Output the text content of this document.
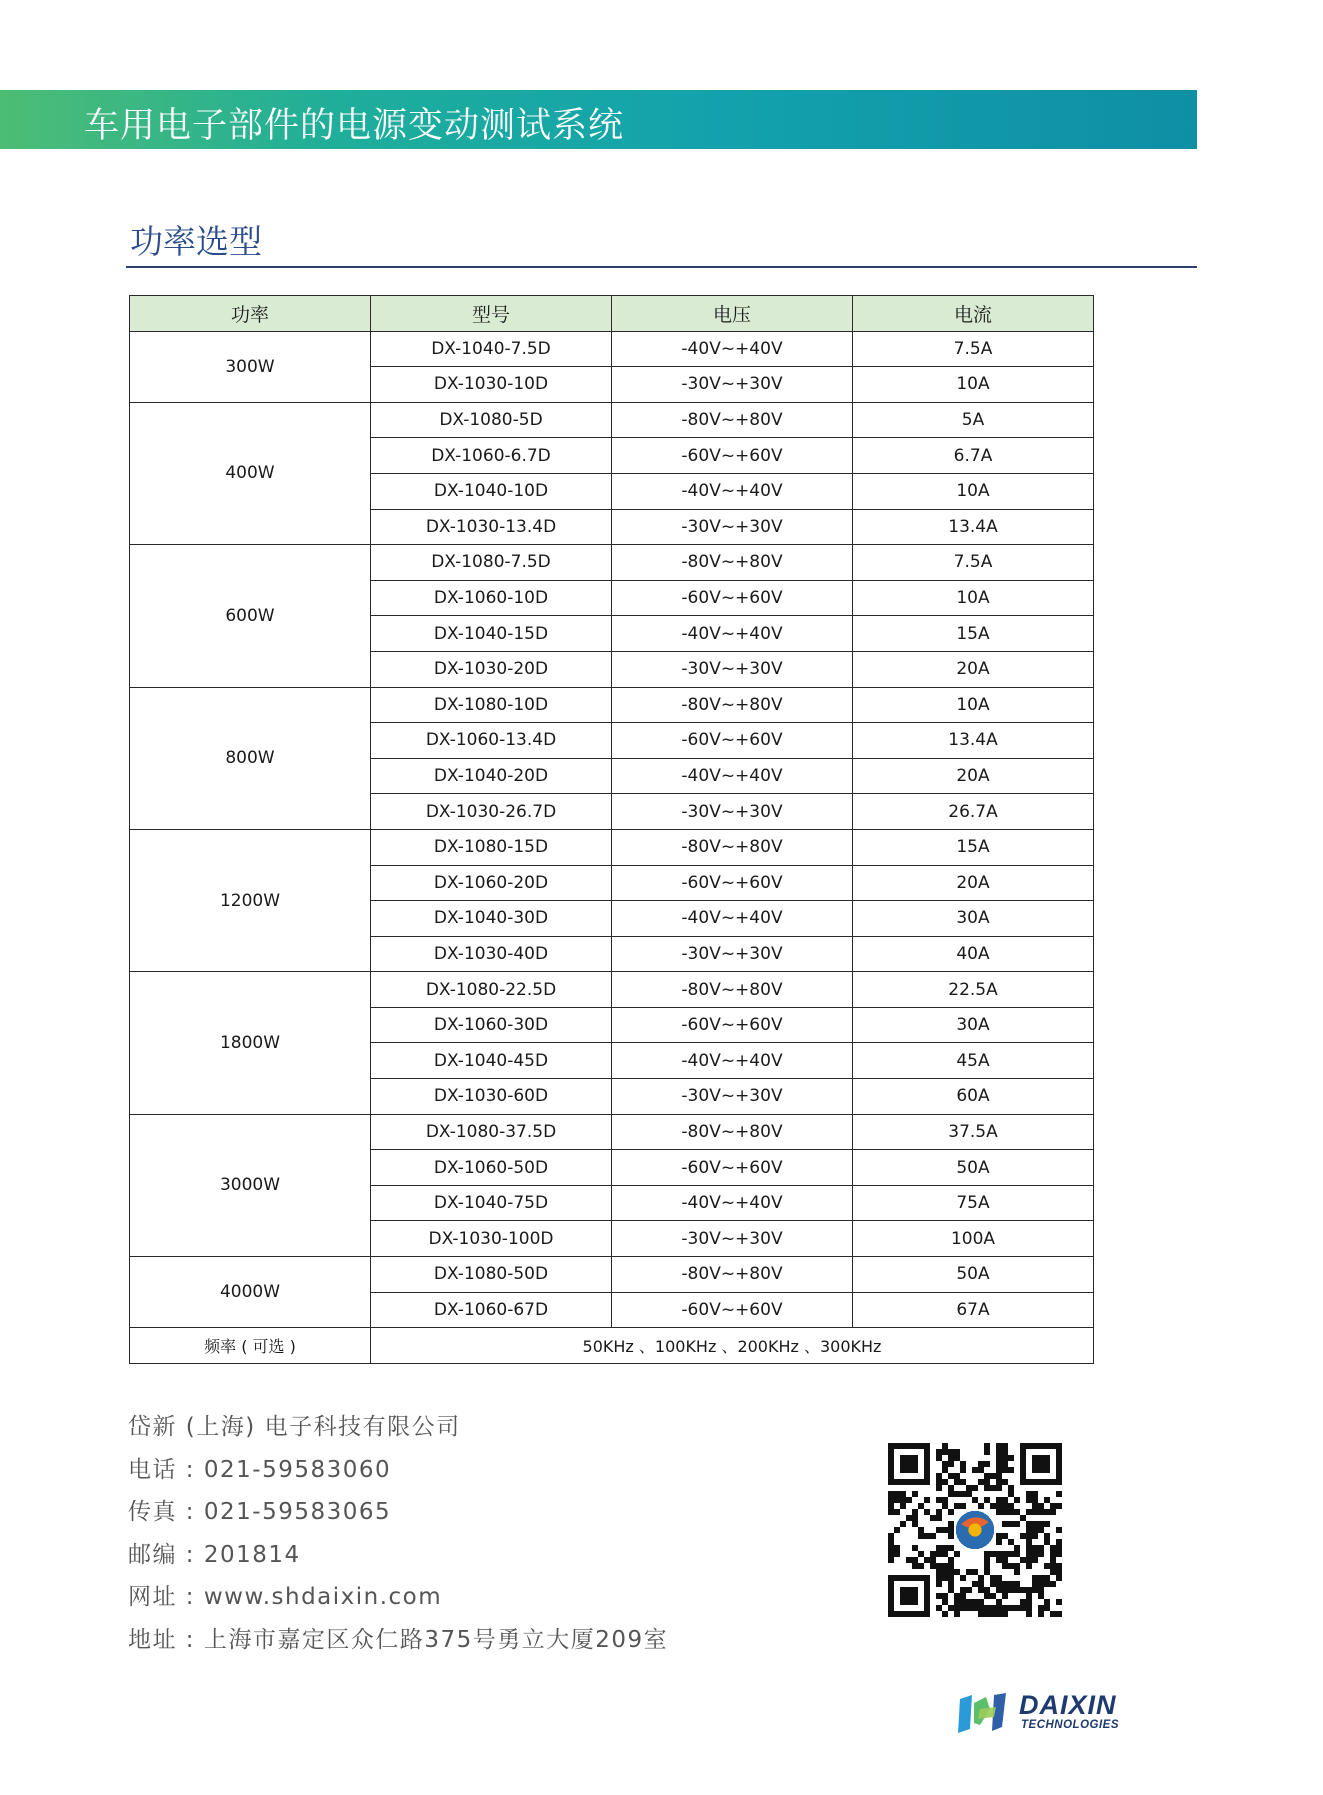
车用电子部件的电源变动测试系统
功率选型
功率	型号	电压	电流
300W	DX-1040-7.5D	-40V~+40V	7.5A
	DX-1030-10D	-30V~+30V	10A
400W	DX-1080-5D	-80V~+80V	5A
	DX-1060-6.7D	-60V~+60V	6.7A
	DX-1040-10D	-40V~+40V	10A
	DX-1030-13.4D	-30V~+30V	13.4A
600W	DX-1080-7.5D	-80V~+80V	7.5A
	DX-1060-10D	-60V~+60V	10A
	DX-1040-15D	-40V~+40V	15A
	DX-1030-20D	-30V~+30V	20A
800W	DX-1080-10D	-80V~+80V	10A
	DX-1060-13.4D	-60V~+60V	13.4A
	DX-1040-20D	-40V~+40V	20A
	DX-1030-26.7D	-30V~+30V	26.7A
1200W	DX-1080-15D	-80V~+80V	15A
	DX-1060-20D	-60V~+60V	20A
	DX-1040-30D	-40V~+40V	30A
	DX-1030-40D	-30V~+30V	40A
1800W	DX-1080-22.5D	-80V~+80V	22.5A
	DX-1060-30D	-60V~+60V	30A
	DX-1040-45D	-40V~+40V	45A
	DX-1030-60D	-30V~+30V	60A
3000W	DX-1080-37.5D	-80V~+80V	37.5A
	DX-1060-50D	-60V~+60V	50A
	DX-1040-75D	-40V~+40V	75A
	DX-1030-100D	-30V~+30V	100A
4000W	DX-1080-50D	-80V~+80V	50A
	DX-1060-67D	-60V~+60V	67A
频率 ( 可选 )	50KHz 、100KHz 、200KHz 、300KHz		
岱新 (上海) 电子科技有限公司
电话 : 021-59583060
传真 : 021-59583065
邮编 : 201814
网址 : www.shdaixin.com
地址 : 上海市嘉定区众仁路375号勇立大厦209室
DAIXIN
TECHNOLOGIES
